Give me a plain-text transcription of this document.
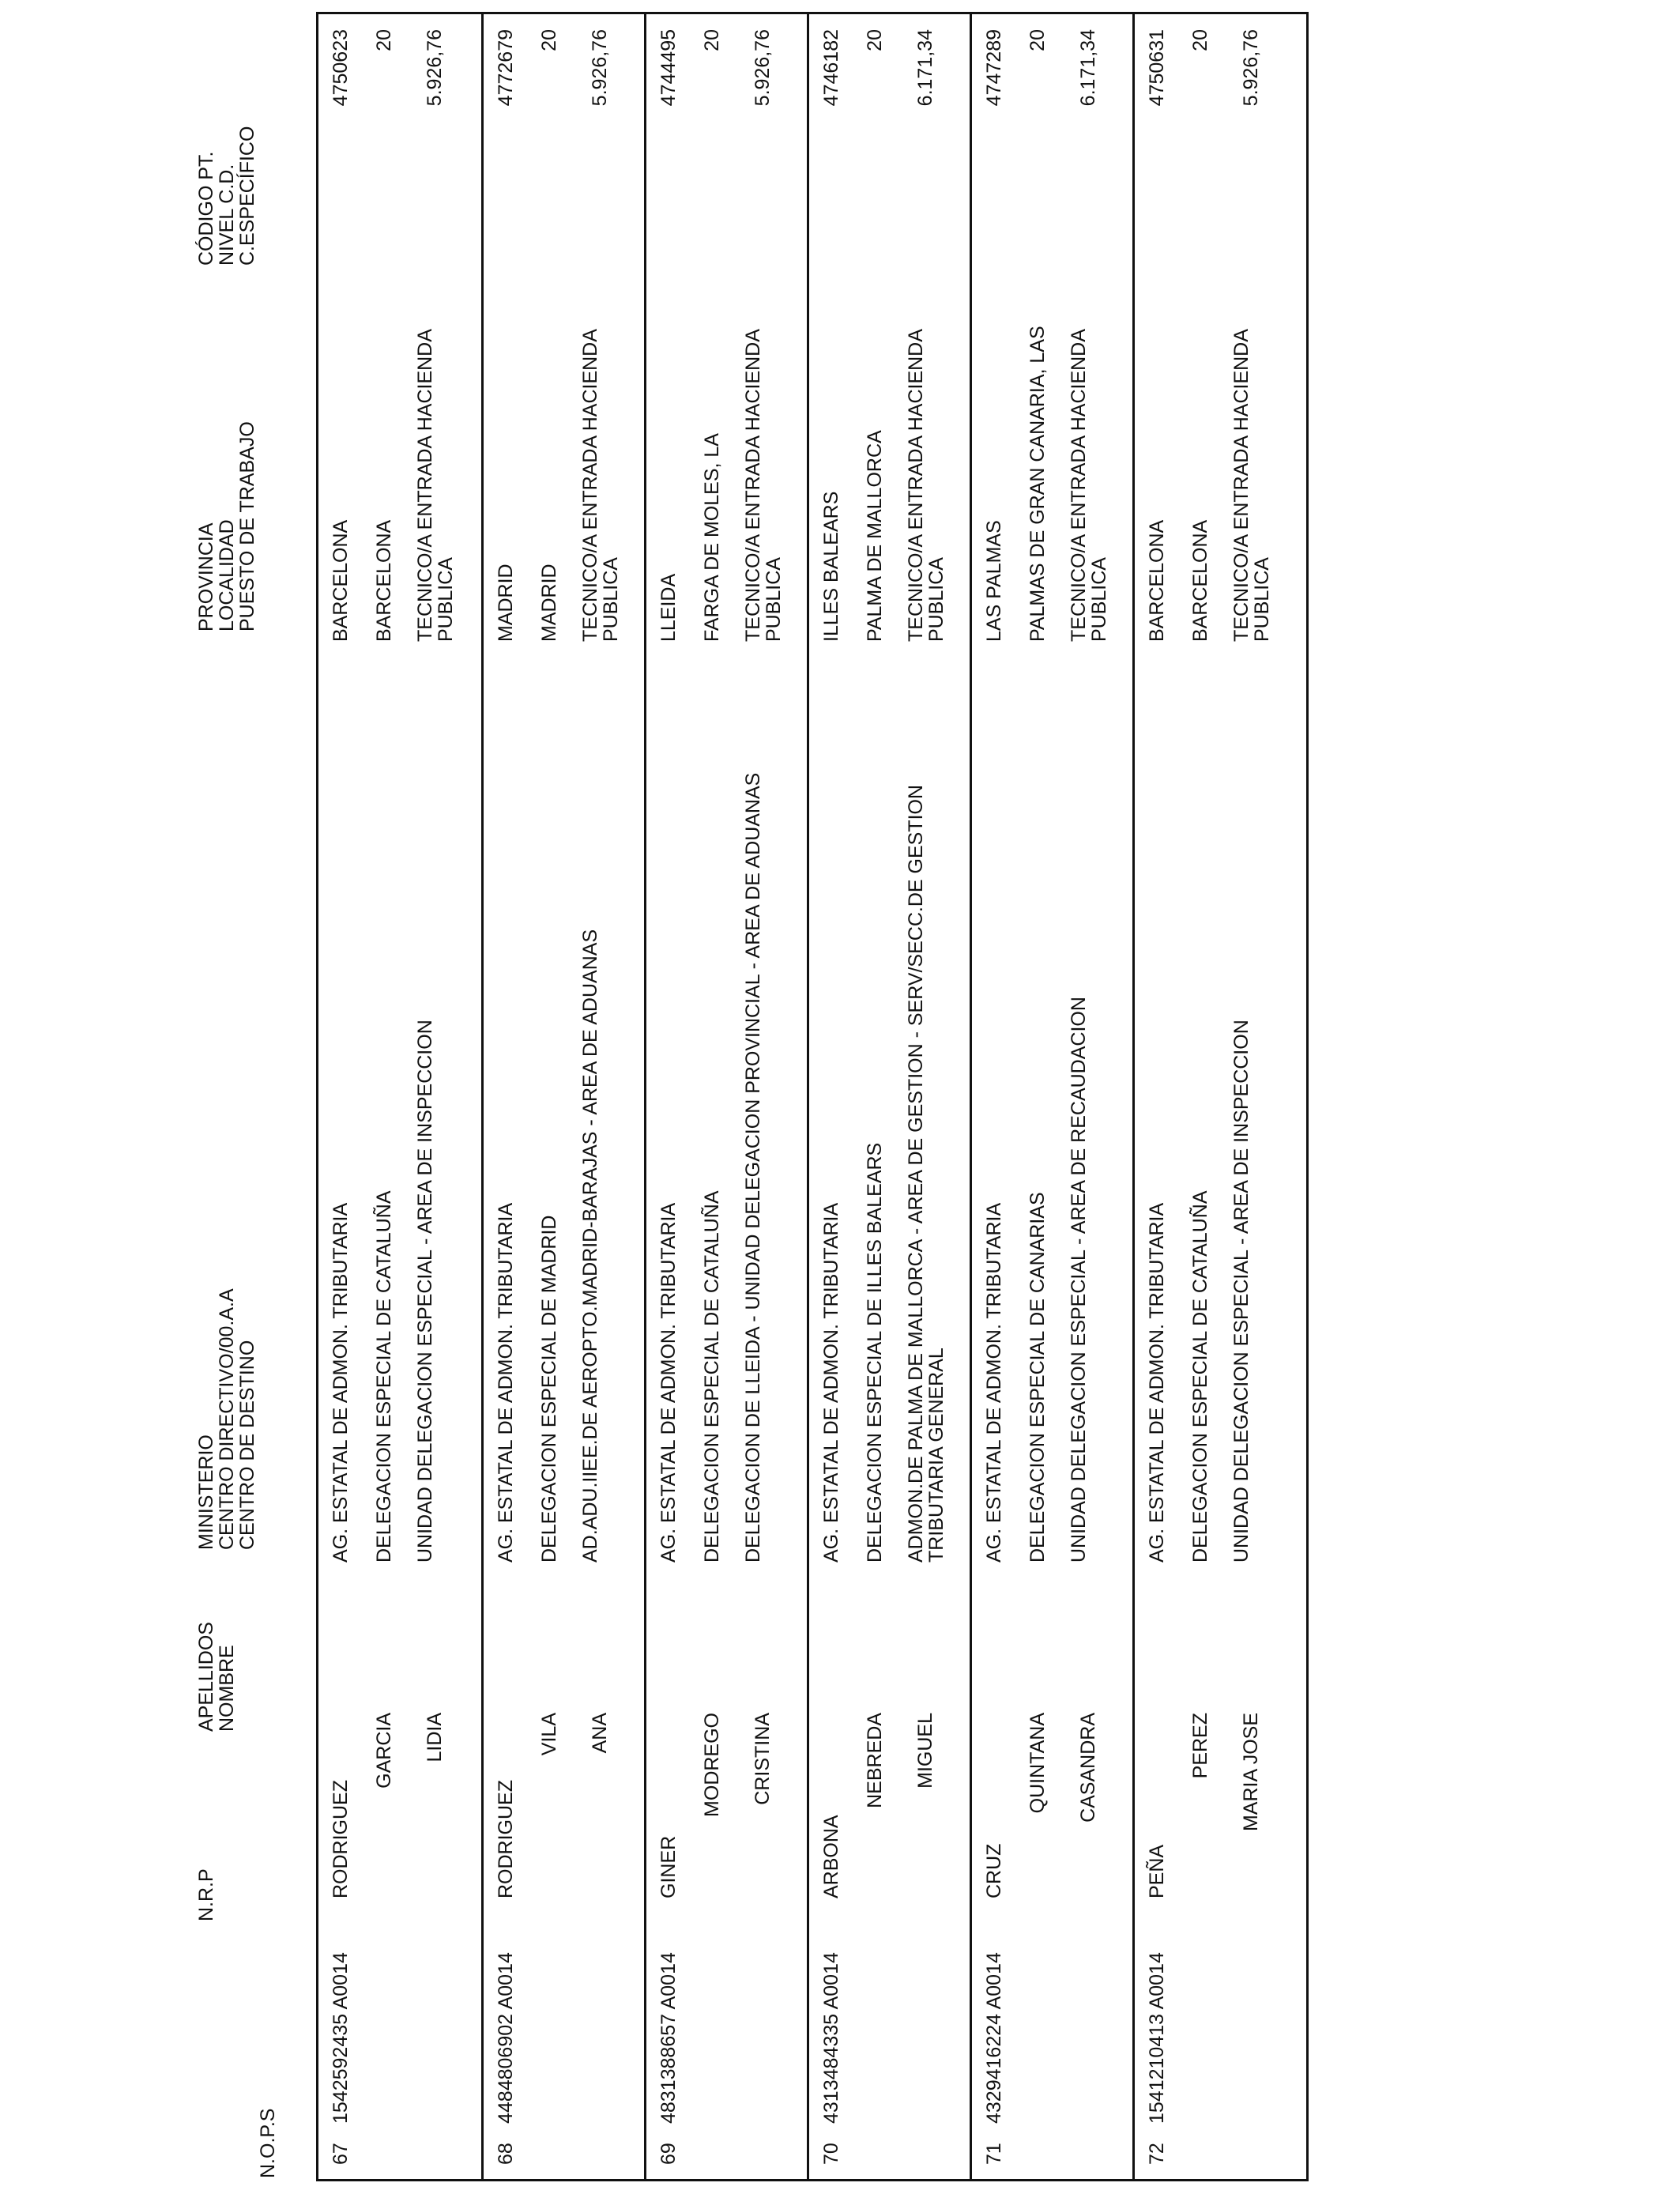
N.O.P.S
N.R.P
APELLIDOS
NOMBRE
MINISTERIO
CENTRO DIRECTIVO/00.A.A
CENTRO DE DESTINO
PROVINCIA
LOCALIDAD
PUESTO DE TRABAJO
CÓDIGO PT.
NIVEL C.D.
C.ESPECÍFICO
67
1542592435 A0014
RODRIGUEZ
GARCIA LIDIA
AG. ESTATAL DE ADMON. TRIBUTARIA DELEGACION ESPECIAL DE CATALUÑA UNIDAD DELEGACION ESPECIAL - AREA DE INSPECCION
BARCELONA BARCELONA TECNICO/A ENTRADA HACIENDA PUBLICA
4750623 20 5.926,76
68
4484806902 A0014
RODRIGUEZ
VILA ANA
AG. ESTATAL DE ADMON. TRIBUTARIA DELEGACION ESPECIAL DE MADRID AD.ADU.IIEE.DE AEROPTO.MADRID-BARAJAS - AREA DE ADUANAS
MADRID MADRID TECNICO/A ENTRADA HACIENDA PUBLICA
4772679 20 5.926,76
69
4831388657 A0014
GINER
MODREGO CRISTINA
AG. ESTATAL DE ADMON. TRIBUTARIA DELEGACION ESPECIAL DE CATALUÑA DELEGACION DE LLEIDA - UNIDAD DELEGACION PROVINCIAL - AREA DE ADUANAS
LLEIDA FARGA DE MOLES, LA TECNICO/A ENTRADA HACIENDA PUBLICA
4744495 20 5.926,76
70
4313484335 A0014
ARBONA
NEBREDA MIGUEL
AG. ESTATAL DE ADMON. TRIBUTARIA DELEGACION ESPECIAL DE ILLES BALEARS ADMON.DE PALMA DE MALLORCA - AREA DE GESTION - SERV/SECC.DE GESTION TRIBUTARIA GENERAL
ILLES BALEARS PALMA DE MALLORCA TECNICO/A ENTRADA HACIENDA PUBLICA
4746182 20 6.171,34
71
4329416224 A0014
CRUZ
QUINTANA CASANDRA
AG. ESTATAL DE ADMON. TRIBUTARIA DELEGACION ESPECIAL DE CANARIAS UNIDAD DELEGACION ESPECIAL - AREA DE RECAUDACION
LAS PALMAS PALMAS DE GRAN CANARIA, LAS TECNICO/A ENTRADA HACIENDA PUBLICA
4747289 20 6.171,34
72
1541210413 A0014
PEÑA
PEREZ MARIA JOSE
AG. ESTATAL DE ADMON. TRIBUTARIA DELEGACION ESPECIAL DE CATALUÑA UNIDAD DELEGACION ESPECIAL - AREA DE INSPECCION
BARCELONA BARCELONA TECNICO/A ENTRADA HACIENDA PUBLICA
4750631 20 5.926,76
